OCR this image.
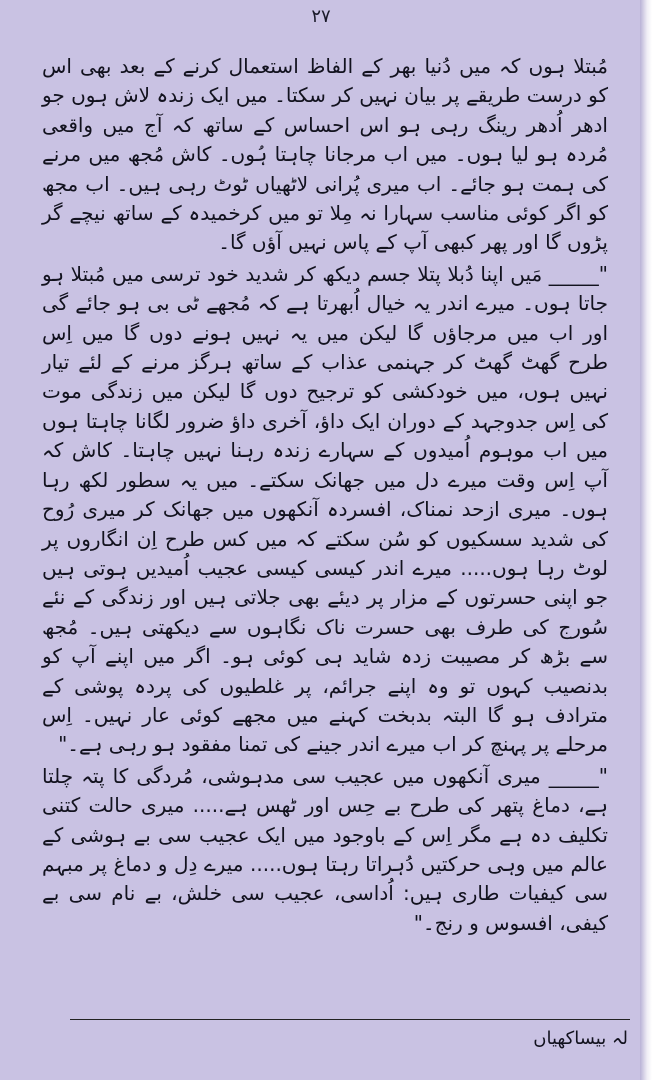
۲۷

مُبتلا ہوں کہ میں دُنیا بھر کے الفاظ استعمال کرنے کے بعد بھی اس کو درست طریقے پر بیان نہیں کر سکتا۔ میں ایک زندہ لاش ہوں جو ادھر اُدھر رینگ رہی ہو اس احساس کے ساتھ کہ آج میں واقعی مُردہ ہو لیا ہوں۔ میں اب مرجانا چاہتا ہُوں۔ کاش مُجھ میں مرنے کی ہمت ہو جائے۔ اب میری پُرانی لاٹھیاں ٹوٹ رہی ہیں۔ اب مجھ کو اگر کوئی مناسب سہارا نہ مِلا تو میں کرخمیدہ کے ساتھ نیچے گر پڑوں گا اور پھر کبھی آپ کے پاس نہیں آؤں گا۔

"_____ مَیں اپنا دُبلا پتلا جسم دیکھ کر شدید خود ترسی میں مُبتلا ہو جاتا ہوں۔ میرے اندر یہ خیال اُبھرتا ہے کہ مُجھے ٹی بی ہو جائے گی اور اب میں مرجاؤں گا لیکن میں یہ نہیں ہونے دوں گا میں اِس طرح گھٹ گھٹ کر جہنمی عذاب کے ساتھ ہرگز مرنے کے لئے تیار نہیں ہوں، میں خودکشی کو ترجیح دوں گا لیکن میں زندگی موت کی اِس جدوجہد کے دوران ایک داؤ، آخری داؤ ضرور لگانا چاہتا ہوں میں اب موہوم اُمیدوں کے سہارے زندہ رہنا نہیں چاہتا۔ کاش کہ آپ اِس وقت میرے دل میں جھانک سکتے۔ میں یہ سطور لکھ رہا ہوں۔ میری ازحد نمناک، افسردہ آنکھوں میں جھانک کر میری رُوح کی شدید سسکیوں کو سُن سکتے کہ میں کس طرح اِن انگاروں پر لوٹ رہا ہوں..... میرے اندر کیسی کیسی عجیب اُمیدیں ہوتی ہیں جو اپنی حسرتوں کے مزار پر دیئے بھی جلاتی ہیں اور زندگی کے نئے سُورج کی طرف بھی حسرت ناک نگاہوں سے دیکھتی ہیں۔ مُجھ سے بڑھ کر مصیبت زدہ شاید ہی کوئی ہو۔ اگر میں اپنے آپ کو بدنصیب کہوں تو وہ اپنے جرائم، پر غلطیوں کی پردہ پوشی کے مترادف ہو گا البتہ بدبخت کہنے میں مجھے کوئی عار نہیں۔ اِس مرحلے پر پہنچ کر اب میرے اندر جینے کی تمنا مفقود ہو رہی ہے۔"

"_____ میری آنکھوں میں عجیب سی مدہوشی، مُردگی کا پتہ چلتا ہے، دماغ پتھر کی طرح بے حِس اور ٹھس ہے..... میری حالت کتنی تکلیف دہ ہے مگر اِس کے باوجود میں ایک عجیب سی بے ہوشی کے عالم میں وہی حرکتیں دُہراتا رہتا ہوں..... میرے دِل و دماغ پر مبہم سی کیفیات طاری ہیں: اُداسی، عجیب سی خلش، بے نام سی بے کیفی، افسوس و رنج۔"

لہ بیساکھیاں
